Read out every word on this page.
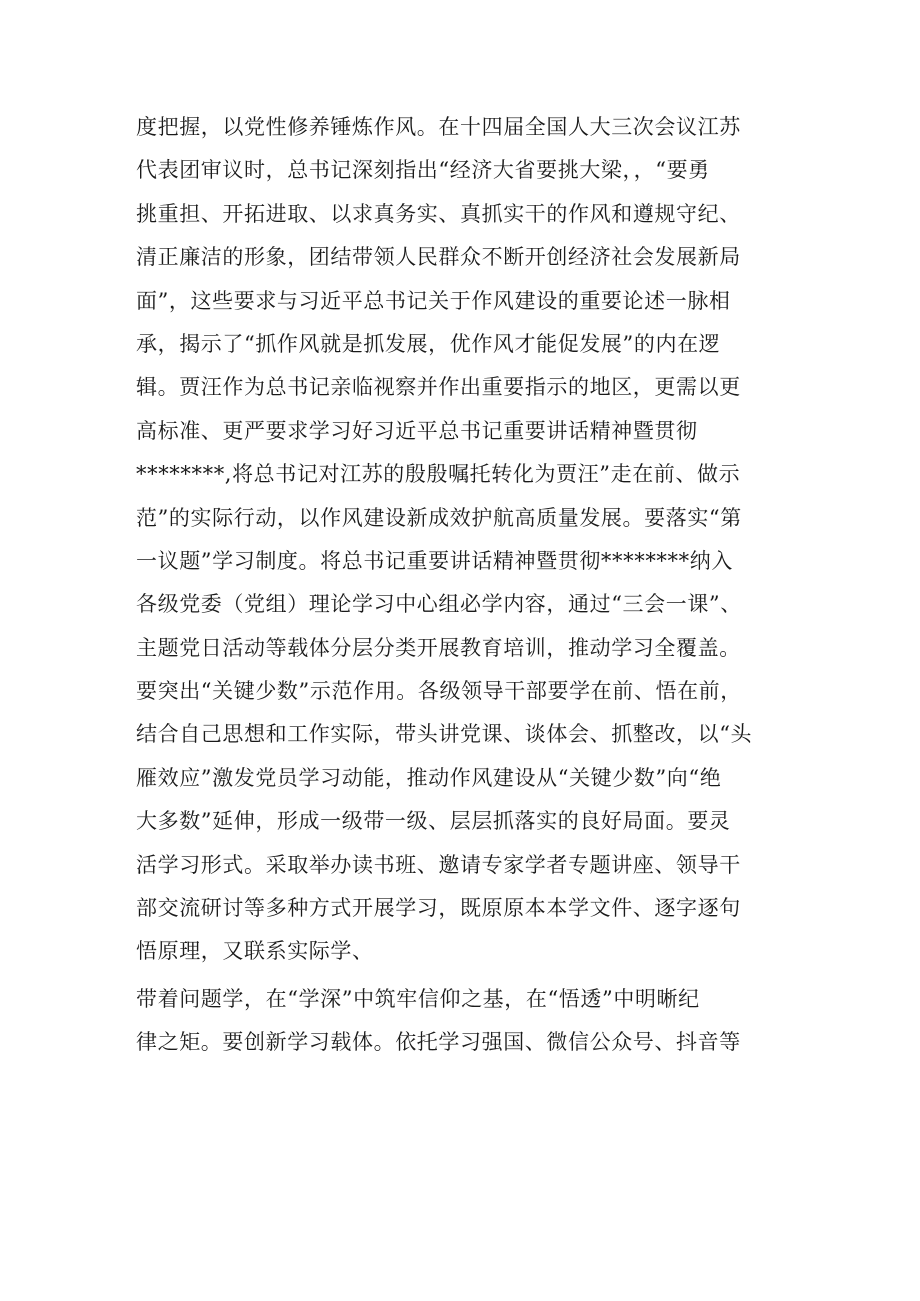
度把握，以党性修养锤炼作风。在十四届全国人大三次会议江苏
代表团审议时，总书记深刻指出“经济大省要挑大梁，，“要勇
挑重担、开拓进取、以求真务实、真抓实干的作风和遵规守纪、
清正廉洁的形象，团结带领人民群众不断开创经济社会发展新局
面”，这些要求与习近平总书记关于作风建设的重要论述一脉相
承，揭示了“抓作风就是抓发展，优作风才能促发展”的内在逻
辑。贾汪作为总书记亲临视察并作出重要指示的地区，更需以更
高标准、更严要求学习好习近平总书记重要讲话精神暨贯彻
********,将总书记对江苏的殷殷嘱托转化为贾汪”走在前、做示
范”的实际行动，以作风建设新成效护航高质量发展。要落实“第
一议题”学习制度。将总书记重要讲话精神暨贯彻********纳入
各级党委（党组）理论学习中心组必学内容，通过“三会一课”、
主题党日活动等载体分层分类开展教育培训，推动学习全覆盖。
要突出“关键少数”示范作用。各级领导干部要学在前、悟在前，
结合自己思想和工作实际，带头讲党课、谈体会、抓整改，以“头
雁效应”激发党员学习动能，推动作风建设从“关键少数”向“绝
大多数”延伸，形成一级带一级、层层抓落实的良好局面。要灵
活学习形式。采取举办读书班、邀请专家学者专题讲座、领导干
部交流研讨等多种方式开展学习，既原原本本学文件、逐字逐句
悟原理，又联系实际学、
带着问题学，在“学深”中筑牢信仰之基，在“悟透”中明晰纪
律之矩。要创新学习载体。依托学习强国、微信公众号、抖音等
